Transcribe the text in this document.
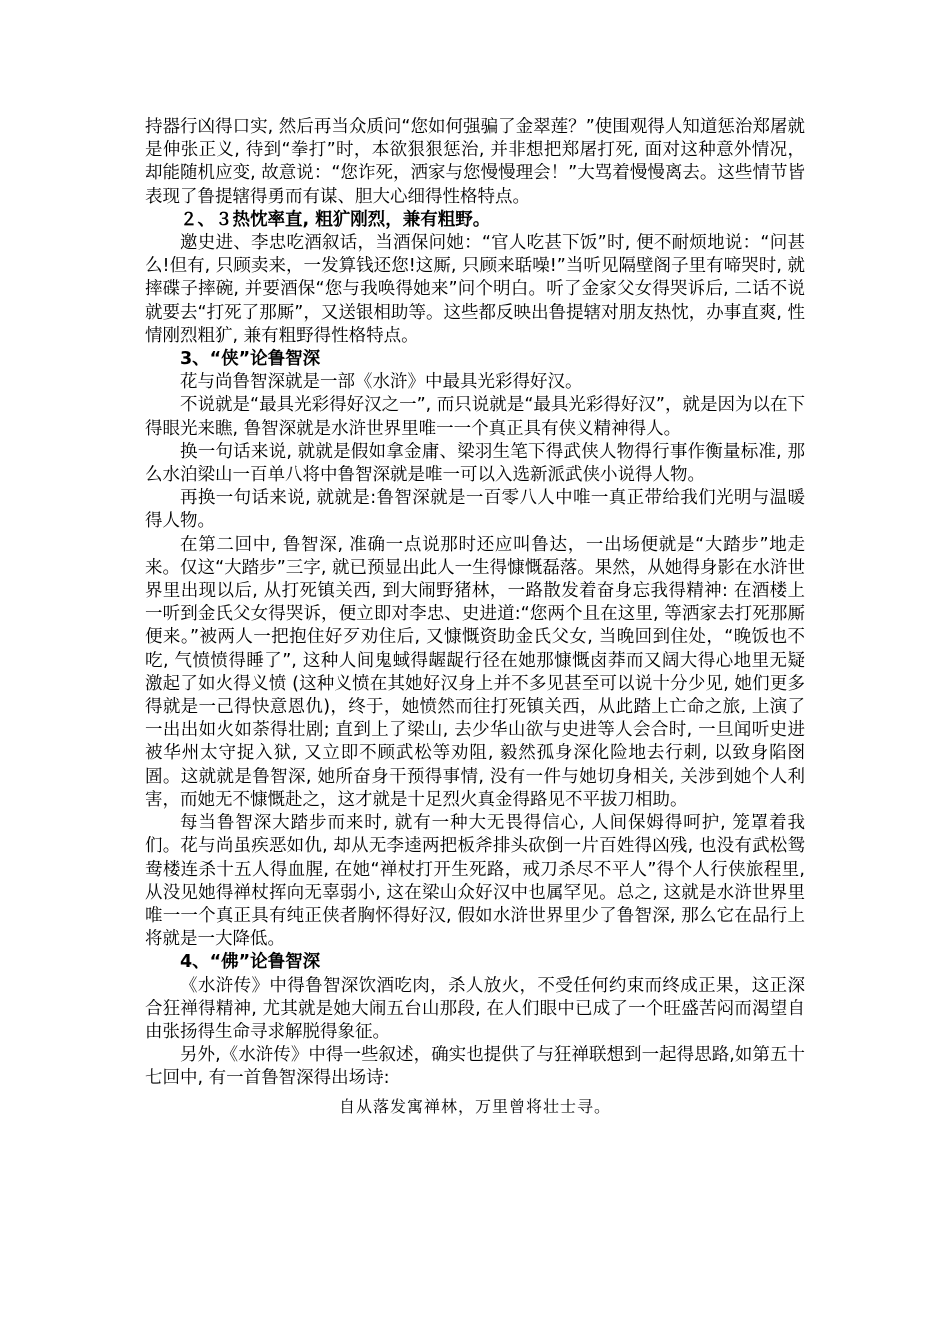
持器行凶得口实, 然后再当众质问“您如何强骗了金翠莲？”使围观得人知道惩治郑屠就是伸张正义, 待到“拳打”时，本欲狠狠惩治, 并非想把郑屠打死, 面对这种意外情况，却能随机应变, 故意说：“您诈死，洒家与您慢慢理会！”大骂着慢慢离去。这些情节皆表现了鲁提辖得勇而有谋、胆大心细得性格特点。

２、３热忱率直, 粗犷刚烈，兼有粗野。

邀史进、李忠吃酒叙话，当酒保问她：“官人吃甚下饭”时, 便不耐烦地说：“问甚么!但有, 只顾卖来，一发算钱还您!这厮, 只顾来聒噪!”当听见隔壁阁子里有啼哭时, 就摔碟子摔碗, 并要酒保“您与我唤得她来”问个明白。听了金家父女得哭诉后, 二话不说就要去“打死了那厮”，又送银相助等。这些都反映出鲁提辖对朋友热忱，办事直爽, 性情刚烈粗犷, 兼有粗野得性格特点。

3、“侠”论鲁智深

花与尚鲁智深就是一部《水浒》中最具光彩得好汉。

不说就是“最具光彩得好汉之一”, 而只说就是“最具光彩得好汉”，就是因为以在下得眼光来瞧, 鲁智深就是水浒世界里唯一一个真正具有侠义精神得人。

换一句话来说, 就就是假如拿金庸、梁羽生笔下得武侠人物得行事作衡量标准, 那么水泊梁山一百单八将中鲁智深就是唯一可以入选新派武侠小说得人物。

再换一句话来说, 就就是:鲁智深就是一百零八人中唯一真正带给我们光明与温暖得人物。

在第二回中, 鲁智深, 准确一点说那时还应叫鲁达，一出场便就是“大踏步”地走来。仅这“大踏步”三字, 就已预显出此人一生得慷慨磊落。果然，从她得身影在水浒世界里出现以后, 从打死镇关西, 到大闹野猪林，一路散发着奋身忘我得精神: 在酒楼上一听到金氏父女得哭诉，便立即对李忠、史进道:“您两个且在这里, 等洒家去打死那厮便来。”被两人一把抱住好歹劝住后, 又慷慨资助金氏父女, 当晚回到住处，“晚饭也不吃, 气愤愤得睡了”, 这种人间鬼蜮得龌龊行径在她那慷慨卤莽而又阔大得心地里无疑激起了如火得义愤 (这种义愤在其她好汉身上并不多见甚至可以说十分少见, 她们更多得就是一己得快意恩仇)，终于，她愤然而往打死镇关西，从此踏上亡命之旅, 上演了一出出如火如荼得壮剧; 直到上了梁山, 去少华山欲与史进等人会合时, 一旦闻听史进被华州太守捉入狱, 又立即不顾武松等劝阻, 毅然孤身深化险地去行刺, 以致身陷囹圄。这就就是鲁智深, 她所奋身干预得事情, 没有一件与她切身相关, 关涉到她个人利害，而她无不慷慨赴之，这才就是十足烈火真金得路见不平拔刀相助。

每当鲁智深大踏步而来时, 就有一种大无畏得信心, 人间保姆得呵护, 笼罩着我们。花与尚虽疾恶如仇, 却从无李逵两把板斧排头砍倒一片百姓得凶残, 也没有武松鸳鸯楼连杀十五人得血腥, 在她“禅杖打开生死路，戒刀杀尽不平人”得个人行侠旅程里, 从没见她得禅杖挥向无辜弱小, 这在梁山众好汉中也属罕见。总之, 这就是水浒世界里唯一一个真正具有纯正侠者胸怀得好汉, 假如水浒世界里少了鲁智深, 那么它在品行上将就是一大降低。

4、“佛”论鲁智深

《水浒传》中得鲁智深饮酒吃肉，杀人放火，不受任何约束而终成正果，这正深合狂禅得精神, 尤其就是她大闹五台山那段, 在人们眼中已成了一个旺盛苦闷而渴望自由张扬得生命寻求解脱得象征。

另外,《水浒传》中得一些叙述，确实也提供了与狂禅联想到一起得思路,如第五十七回中, 有一首鲁智深得出场诗:

自从落发寓禅林，万里曾将壮士寻。
